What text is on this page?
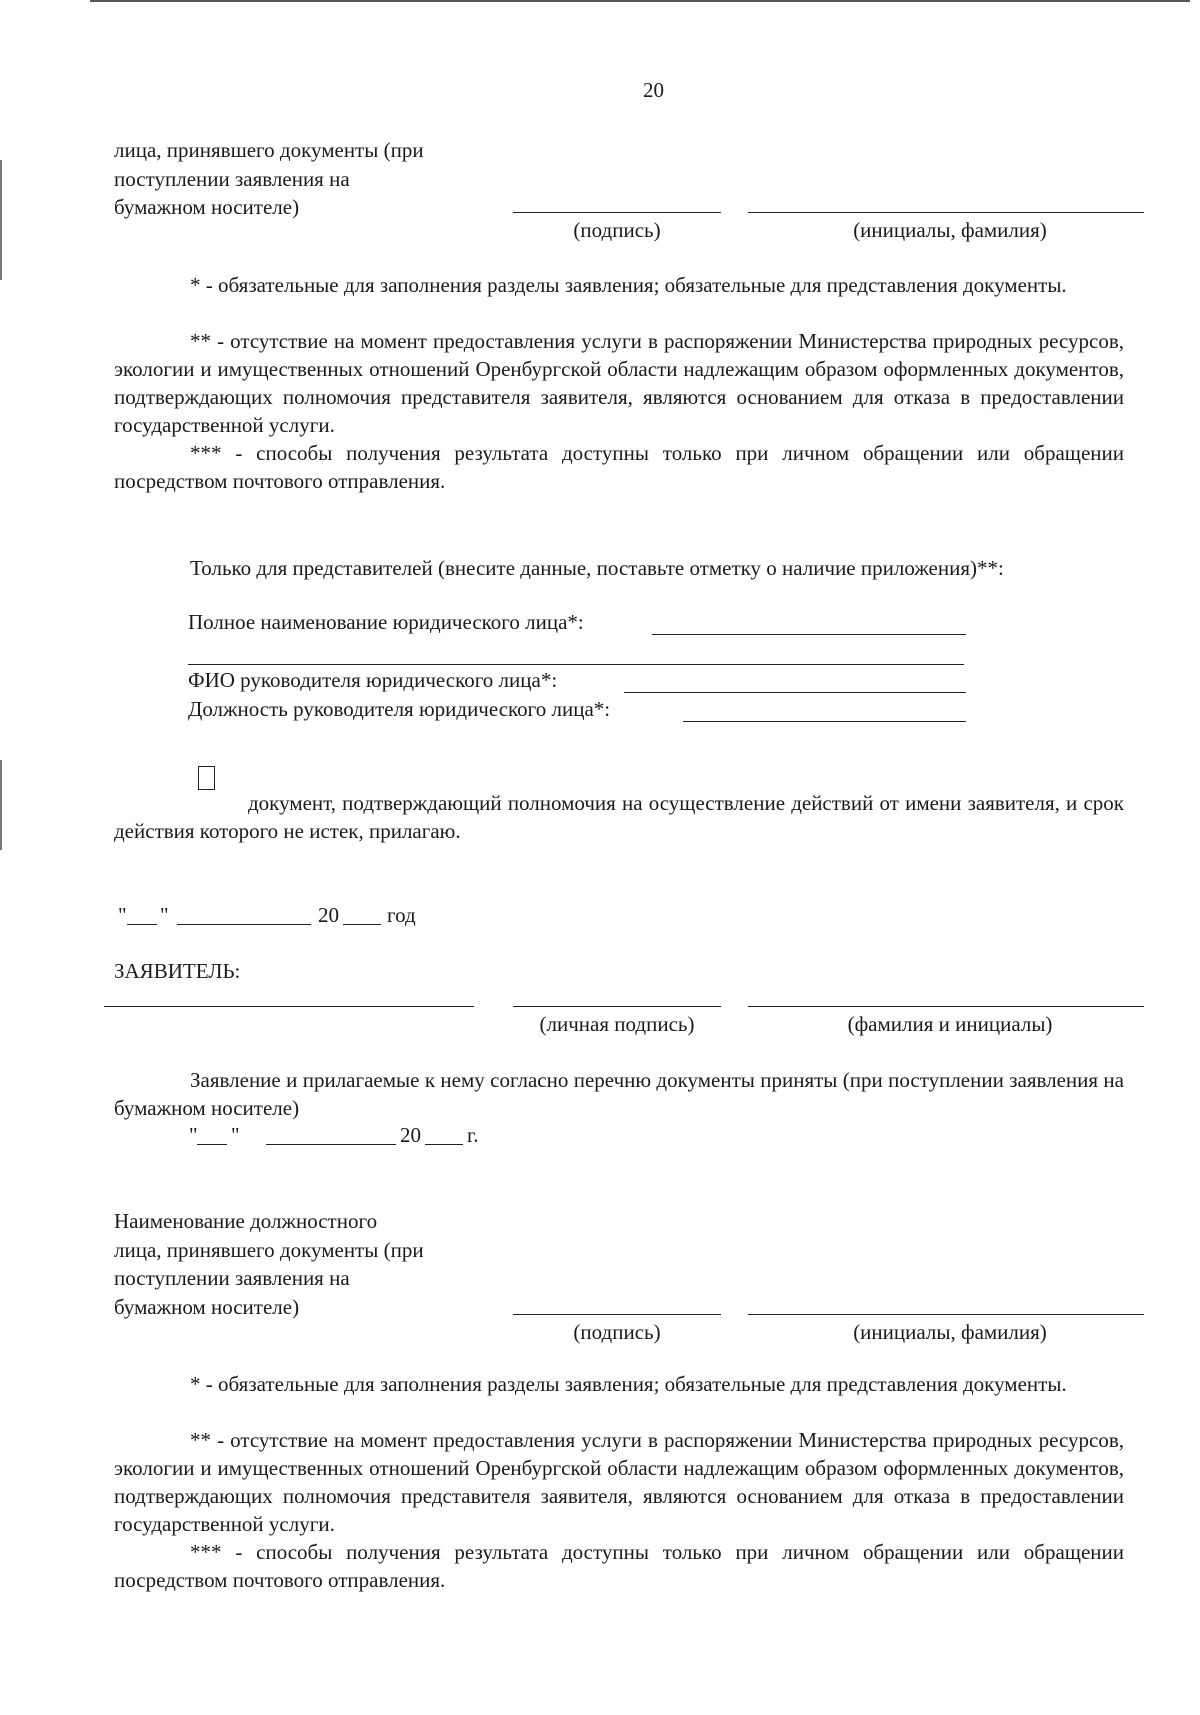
20
лица, принявшего документы (при
поступлении заявления на
бумажном носителе)
(подпись)	(инициалы, фамилия)
* - обязательные для заполнения разделы заявления; обязательные для представления документы.
** - отсутствие на момент предоставления услуги в распоряжении Министерства природных ресурсов, экологии и имущественных отношений Оренбургской области надлежащим образом оформленных документов, подтверждающих полномочия представителя заявителя, являются основанием для отказа в предоставлении государственной услуги.
*** - способы получения результата доступны только при личном обращении или обращении посредством почтового отправления.
Только для представителей (внесите данные, поставьте отметку о наличие приложения)**:
Полное наименование юридического лица*:
ФИО руководителя юридического лица*:
Должность руководителя юридического лица*:
документ, подтверждающий полномочия на осуществление действий от имени заявителя, и срок действия которого не истек, прилагаю.
" "	20 год
ЗАЯВИТЕЛЬ:
(личная подпись)	(фамилия и инициалы)
Заявление и прилагаемые к нему согласно перечню документы приняты (при поступлении заявления на бумажном носителе)
" "	20 г.
Наименование должностного
лица, принявшего документы (при
поступлении заявления на
бумажном носителе)
(подпись)	(инициалы, фамилия)
* - обязательные для заполнения разделы заявления; обязательные для представления документы.
** - отсутствие на момент предоставления услуги в распоряжении Министерства природных ресурсов, экологии и имущественных отношений Оренбургской области надлежащим образом оформленных документов, подтверждающих полномочия представителя заявителя, являются основанием для отказа в предоставлении государственной услуги.
*** - способы получения результата доступны только при личном обращении или обращении посредством почтового отправления.
